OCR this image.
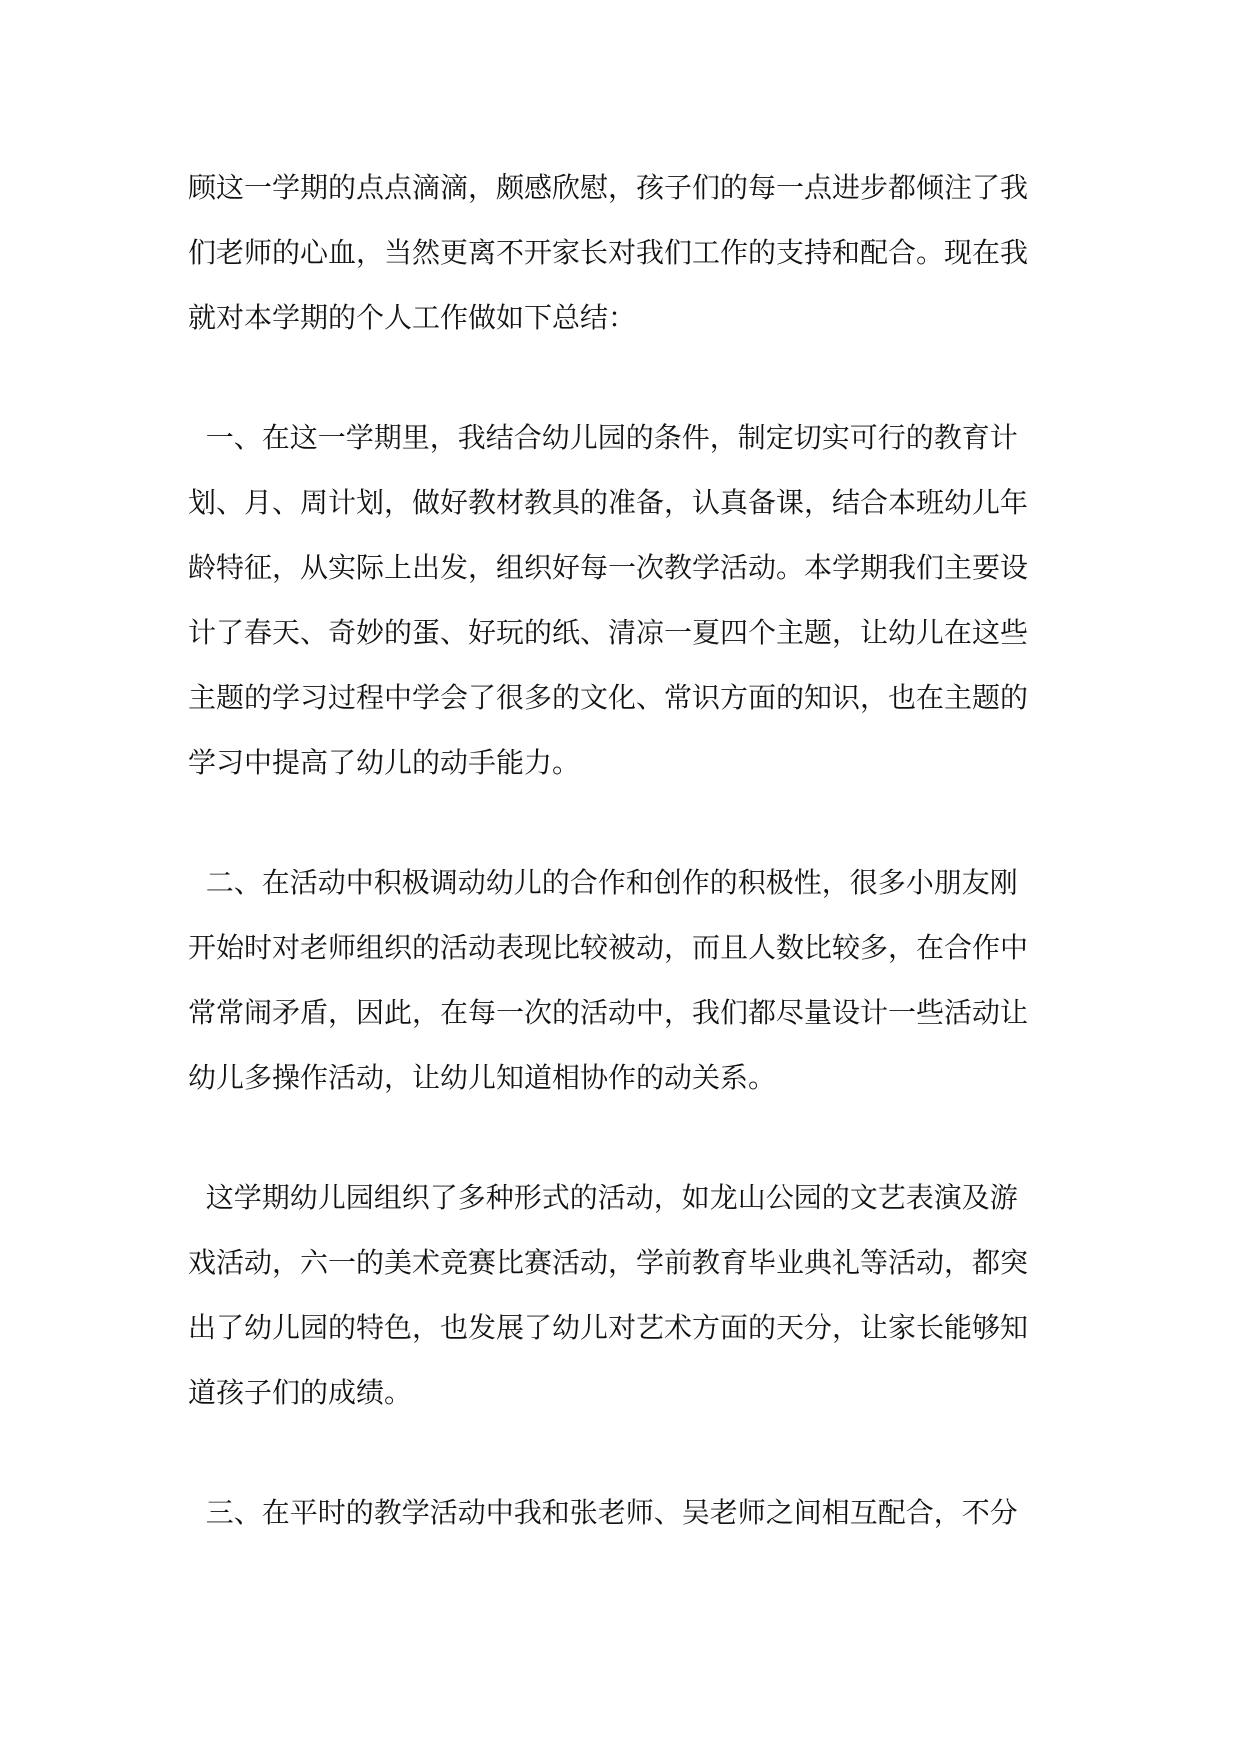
顾这一学期的点点滴滴，颇感欣慰，孩子们的每一点进步都倾注了我
们老师的心血，当然更离不开家长对我们工作的支持和配合。现在我
就对本学期的个人工作做如下总结：
一、在这一学期里，我结合幼儿园的条件，制定切实可行的教育计
划、月、周计划，做好教材教具的准备，认真备课，结合本班幼儿年
龄特征，从实际上出发，组织好每一次教学活动。本学期我们主要设
计了春天、奇妙的蛋、好玩的纸、清凉一夏四个主题，让幼儿在这些
主题的学习过程中学会了很多的文化、常识方面的知识，也在主题的
学习中提高了幼儿的动手能力。
二、在活动中积极调动幼儿的合作和创作的积极性，很多小朋友刚
开始时对老师组织的活动表现比较被动，而且人数比较多，在合作中
常常闹矛盾，因此，在每一次的活动中，我们都尽量设计一些活动让
幼儿多操作活动，让幼儿知道相协作的动关系。
这学期幼儿园组织了多种形式的活动，如龙山公园的文艺表演及游
戏活动，六一的美术竞赛比赛活动，学前教育毕业典礼等活动，都突
出了幼儿园的特色，也发展了幼儿对艺术方面的天分，让家长能够知
道孩子们的成绩。
三、在平时的教学活动中我和张老师、吴老师之间相互配合，不分
